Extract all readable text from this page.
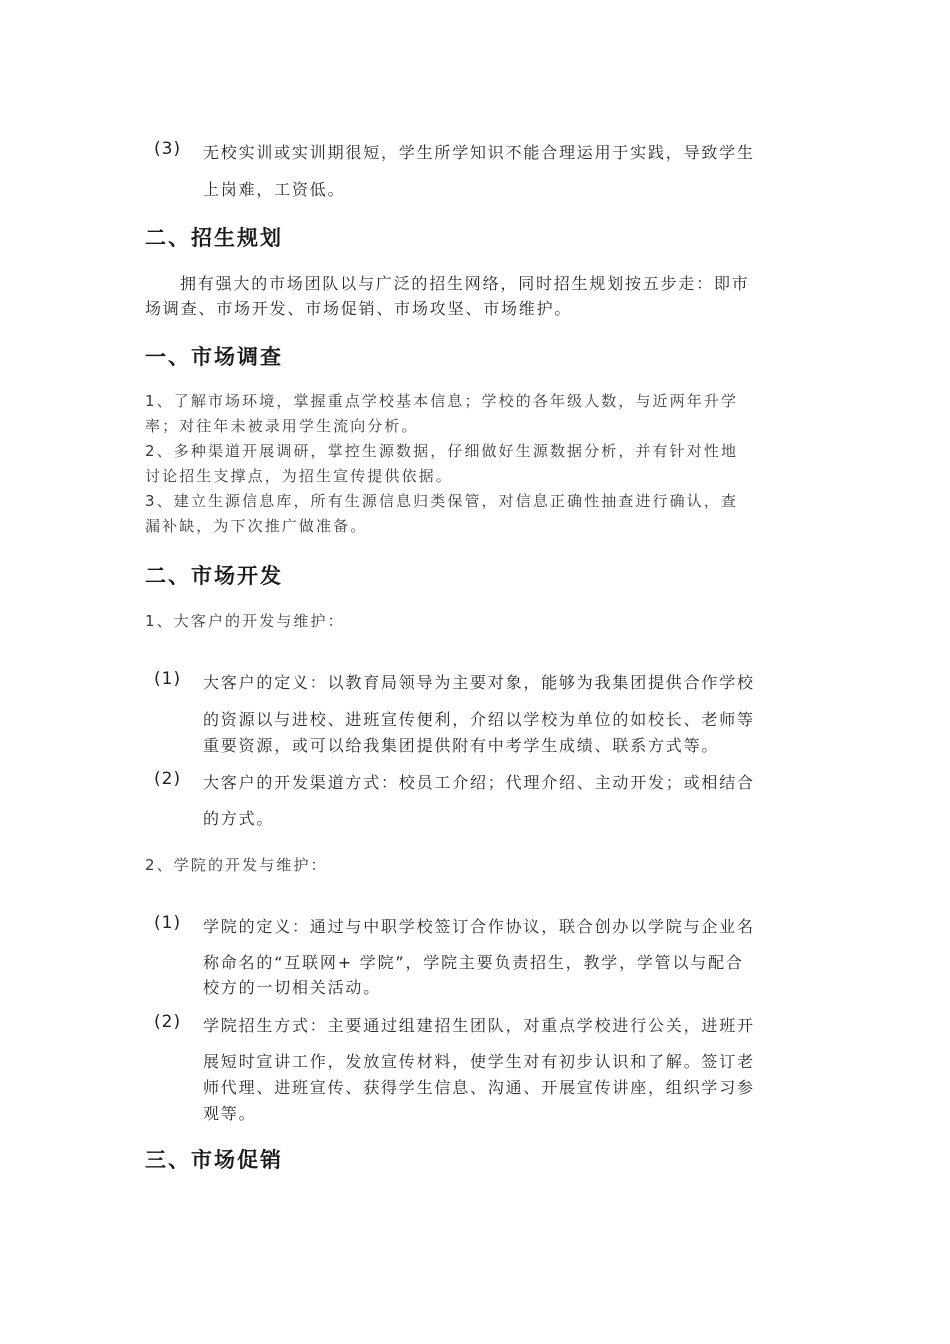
(3) 无校实训或实训期很短，学生所学知识不能合理运用于实践，导致学生
上岗难，工资低。
二、招生规划
拥有强大的市场团队以与广泛的招生网络，同时招生规划按五步走：即市
场调查、市场开发、市场促销、市场攻坚、市场维护。
一、市场调查
1、了解市场环境，掌握重点学校基本信息；学校的各年级人数，与近两年升学
率；对往年未被录用学生流向分析。
2、多种渠道开展调研，掌控生源数据，仔细做好生源数据分析，并有针对性地
讨论招生支撑点，为招生宣传提供依据。
3、建立生源信息库，所有生源信息归类保管，对信息正确性抽查进行确认，查
漏补缺，为下次推广做准备。
二、市场开发
1、大客户的开发与维护：
(1) 大客户的定义：以教育局领导为主要对象，能够为我集团提供合作学校
的资源以与进校、进班宣传便利，介绍以学校为单位的如校长、老师等
重要资源，或可以给我集团提供附有中考学生成绩、联系方式等。
(2) 大客户的开发渠道方式：校员工介绍；代理介绍、主动开发；或相结合
的方式。
2、学院的开发与维护：
(1) 学院的定义：通过与中职学校签订合作协议，联合创办以学院与企业名
称命名的“互联网+ 学院”，学院主要负责招生，教学，学管以与配合
校方的一切相关活动。
(2) 学院招生方式：主要通过组建招生团队，对重点学校进行公关，进班开
展短时宣讲工作，发放宣传材料，使学生对有初步认识和了解。签订老
师代理、进班宣传、获得学生信息、沟通、开展宣传讲座，组织学习参
观等。
三、市场促销
